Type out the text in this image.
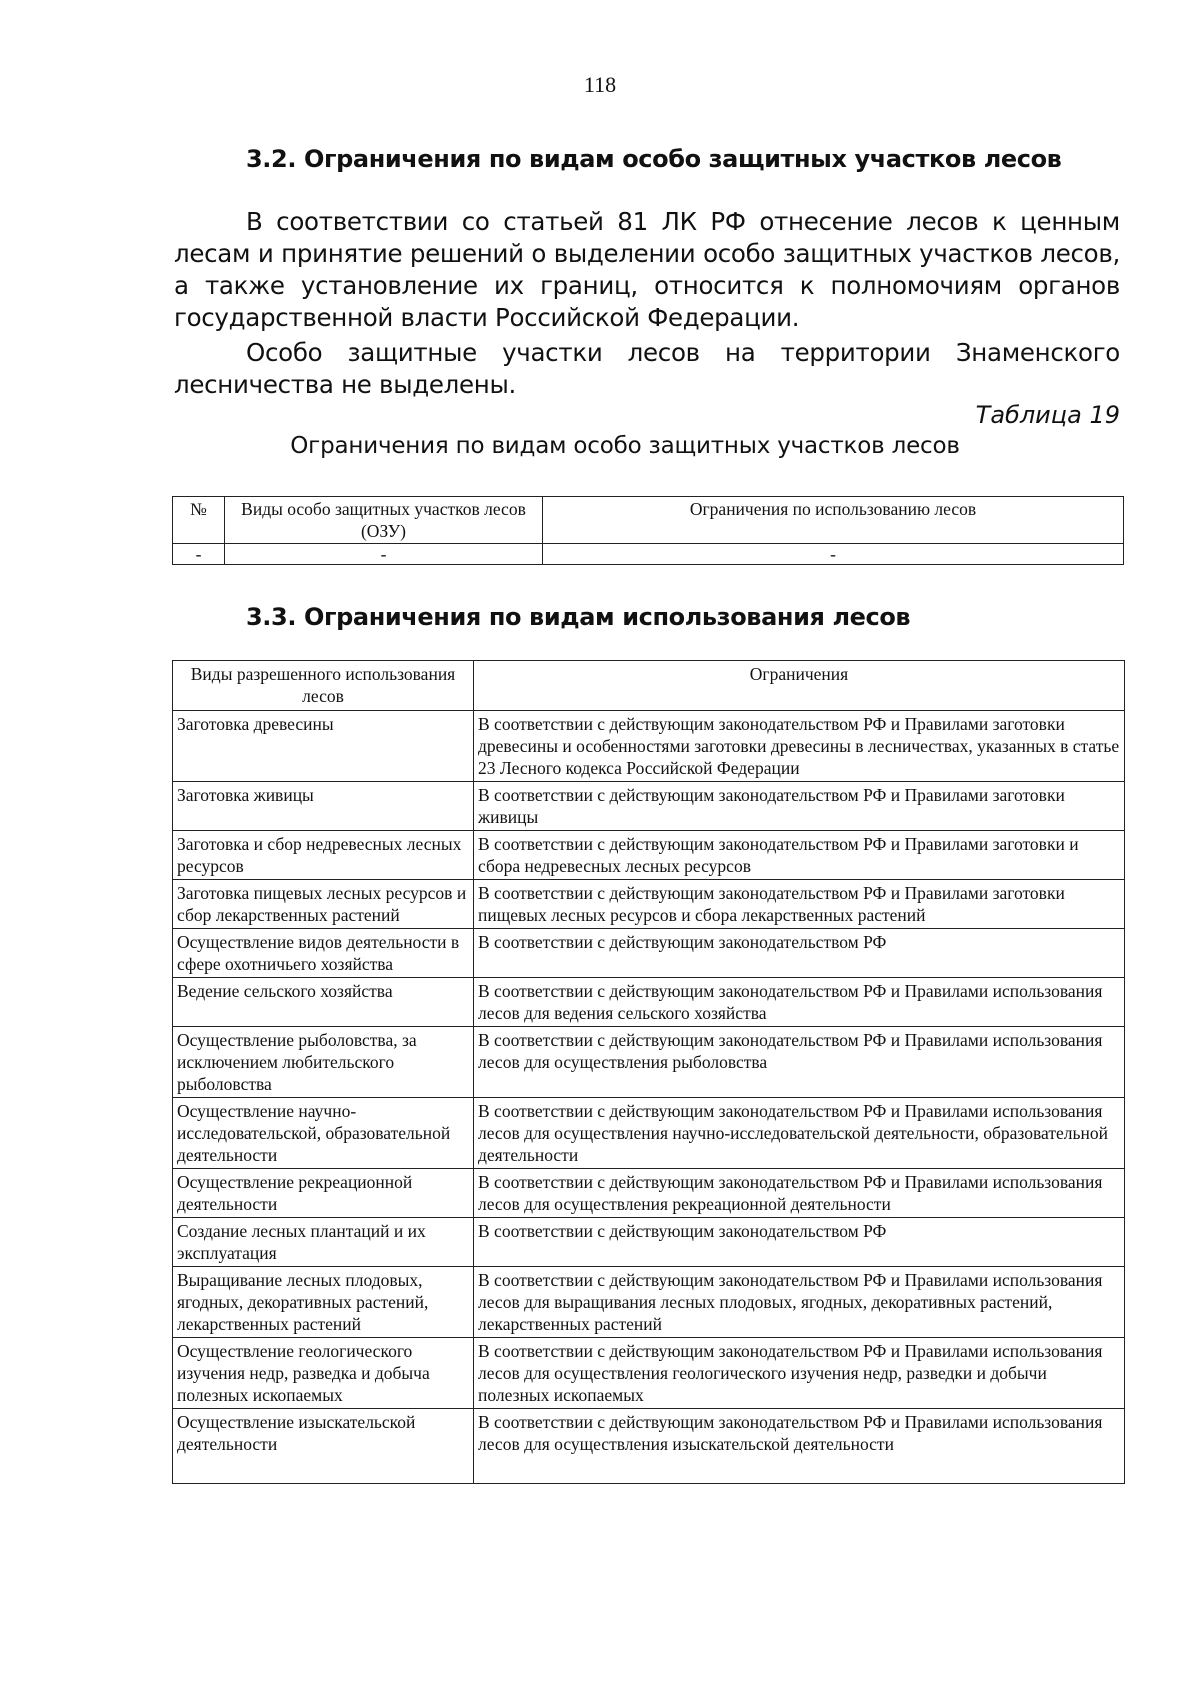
118
3.2. Ограничения по видам особо защитных участков лесов

В соответствии со статьей 81 ЛК РФ отнесение лесов к ценным лесам и принятие решений о выделении особо защитных участков лесов, а также установление их границ, относится к полномочиям органов государственной власти Российской Федерации.

Особо защитные участки лесов на территории Знаменского лесничества не выделены.

Таблица 19
Ограничения по видам особо защитных участков лесов
№	Виды особо защитных участков лесов (ОЗУ)	Ограничения по использованию лесов
-	-	-
3.3. Ограничения по видам использования лесов
Виды разрешенного использования лесов	Ограничения
Заготовка древесины	В соответствии с действующим законодательством РФ и Правилами заготовки древесины и особенностями заготовки древесины в лесничествах, указанных в статье 23 Лесного кодекса Российской Федерации
Заготовка живицы	В соответствии с действующим законодательством РФ и Правилами заготовки живицы
Заготовка и сбор недревесных лесных ресурсов	В соответствии с действующим законодательством РФ и Правилами заготовки и сбора недревесных лесных ресурсов
Заготовка пищевых лесных ресурсов и сбор лекарственных растений	В соответствии с действующим законодательством РФ и Правилами заготовки пищевых лесных ресурсов и сбора лекарственных растений
Осуществление видов деятельности в сфере охотничьего хозяйства	В соответствии с действующим законодательством РФ
Ведение сельского хозяйства	В соответствии с действующим законодательством РФ и Правилами использования лесов для ведения сельского хозяйства
Осуществление рыболовства, за исключением любительского рыболовства	В соответствии с действующим законодательством РФ и Правилами использования лесов для осуществления рыболовства
Осуществление научно-исследовательской, образовательной деятельности	В соответствии с действующим законодательством РФ и Правилами использования лесов для осуществления научно-исследовательской деятельности, образовательной деятельности
Осуществление рекреационной деятельности	В соответствии с действующим законодательством РФ и Правилами использования лесов для осуществления рекреационной деятельности
Создание лесных плантаций и их эксплуатация	В соответствии с действующим законодательством РФ
Выращивание лесных плодовых, ягодных, декоративных растений, лекарственных растений	В соответствии с действующим законодательством РФ и Правилами использования лесов для выращивания лесных плодовых, ягодных, декоративных растений, лекарственных растений
Осуществление геологического изучения недр, разведка и добыча полезных ископаемых	В соответствии с действующим законодательством РФ и Правилами использования лесов для осуществления геологического изучения недр, разведки и добычи полезных ископаемых
Осуществление изыскательской деятельности	В соответствии с действующим законодательством РФ и Правилами использования лесов для осуществления изыскательской деятельности
